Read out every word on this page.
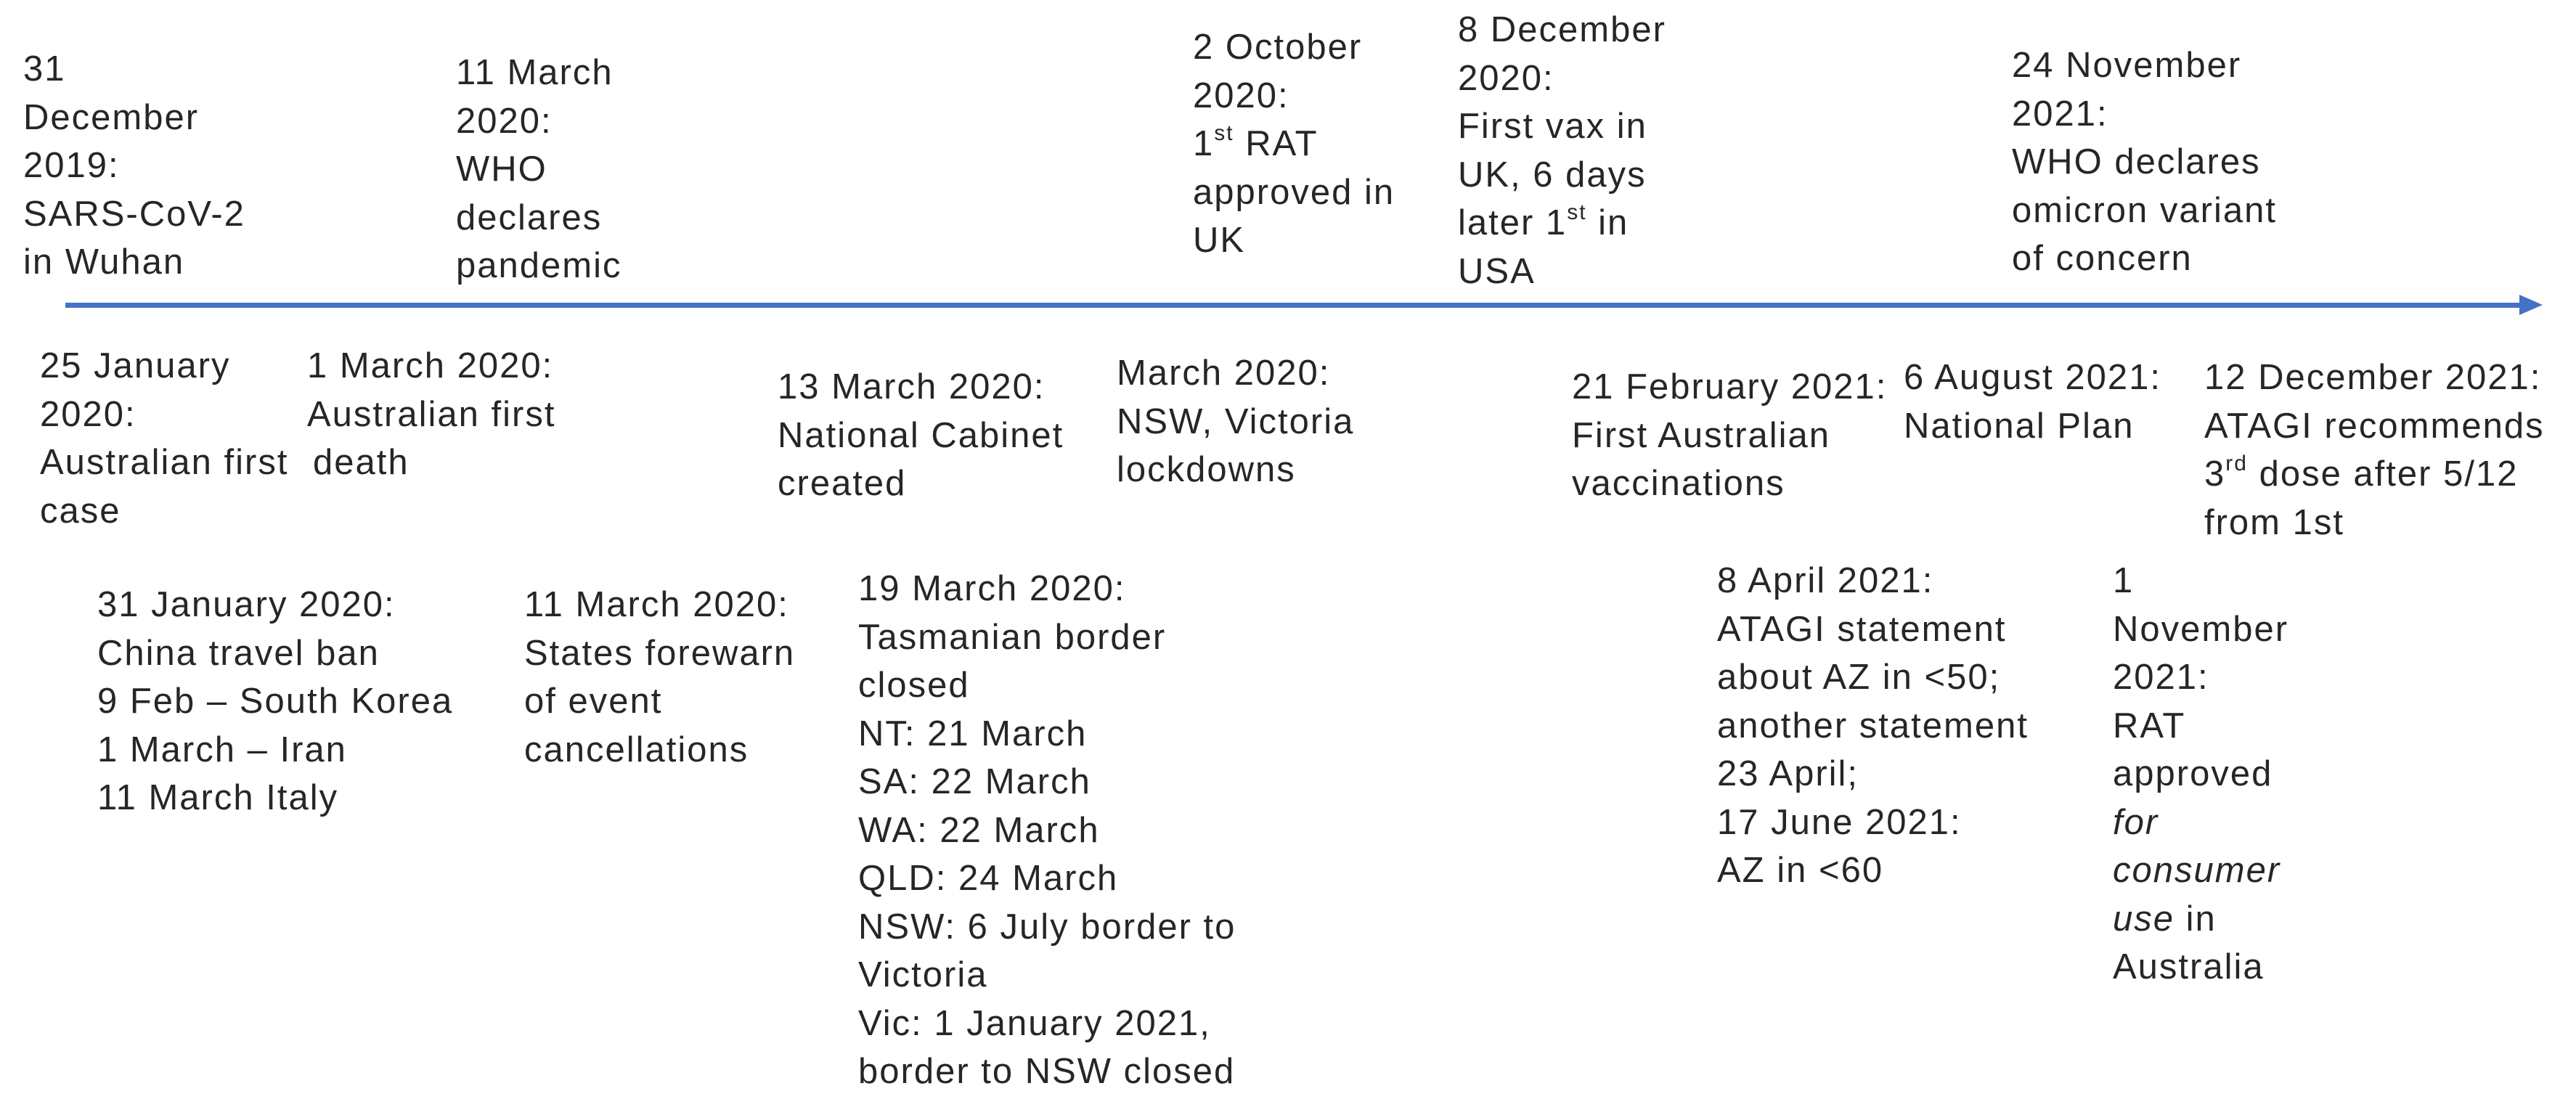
31
December
2019:
SARS-CoV-2
in Wuhan
11 March
2020:
WHO
declares
pandemic
2 October
2020:
1st RAT
approved in
UK
8 December
2020:
First vax in
UK, 6 days
later 1st in
USA
24 November
2021:
WHO declares
omicron variant
of concern
25 January
2020:
Australian first
case
1 March 2020:
Australian first
death
13 March 2020:
National Cabinet
created
March 2020:
NSW, Victoria
lockdowns
21 February 2021:
First Australian
vaccinations
6 August 2021:
National Plan
12 December 2021:
ATAGI recommends
3rd dose after 5/12
from 1st
31 January 2020:
China travel ban
9 Feb – South Korea
1 March – Iran
11 March Italy
11 March 2020:
States forewarn
of event
cancellations
19 March 2020:
Tasmanian border
closed
NT: 21 March
SA: 22 March
WA: 22 March
QLD: 24 March
NSW: 6 July border to
Victoria
Vic: 1 January 2021,
border to NSW closed
8 April 2021:
ATAGI statement
about AZ in <50;
another statement
23 April;
17 June 2021:
AZ in <60
1
November
2021:
RAT
approved
for
consumer
use in
Australia
